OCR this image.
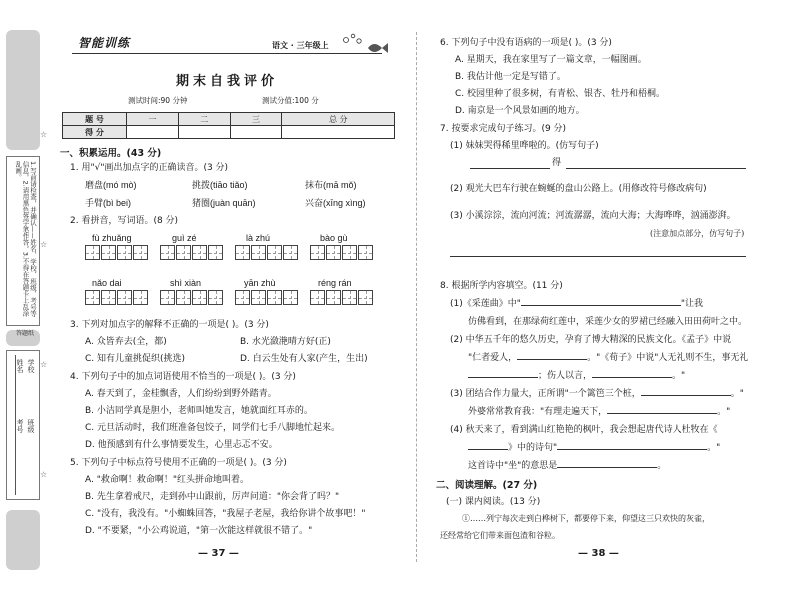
1.写前请检查，并确认——姓名、学校、班级、考号等信息。2.请用黑色签字笔作答。3.不得在答题卡上乱涂乱画。
答题纸
学校
班级
姓名
考号
☆
☆
☆
☆
智能训练	语文 · 三年级上
期末自我评价
测试时间:90 分钟	测试分值:100 分
题 号	一	二	三	总 分
得 分				
一、积累运用。(43 分)
1. 用"√"画出加点字的正确读音。(3 分)
磨盘(mó mò)	挑拨(tiāo tiǎo)	抹布(mā mǒ)
手臂(bì bei)	猪圈(juàn quān)	兴奋(xīng xìng)
2. 看拼音，写词语。(8 分)
fù zhuǎng	guì zé	là zhú	bào gù
nǎo dai	shì xiàn	yān zhù	réng rán
3. 下列对加点字的解释不正确的一项是( )。(3 分)
A. 众皆弃去(全，都)	B. 水光潋滟晴方好(正)
C. 知有儿童挑促织(挑选)	D. 白云生处有人家(产生，生出)
4. 下列句子中的加点词语使用不恰当的一项是( )。(3 分)
A. 春天到了，金桂飘香，人们纷纷到野外踏青。
B. 小洁同学真是胆小，老师叫她发言，她就面红耳赤的。
C. 元旦活动时，我们班准备包饺子，同学们七手八脚地忙起来。
D. 他预感到有什么事情要发生，心里忐忑不安。
5. 下列句子中标点符号使用不正确的一项是( )。(3 分)
A. "救命啊！救命啊！"红头拼命地叫着。
B. 先生拿着戒尺，走到孙中山跟前，厉声问道："你会背了吗？"
C. "没有，我没有。"小蜘蛛回答，"我屋子老屋，我给你讲个故事吧！"
D. "不要紧，"小公鸡说道，"第一次能这样就很不错了。"
— 37 —
6. 下列句子中没有语病的一项是( )。(3 分)
A. 星期天，我在家里写了一篇文章，一幅图画。
B. 我估计他一定是写错了。
C. 校园里种了很多树，有青松、银杏、牡丹和梧桐。
D. 南京是一个风景如画的地方。
7. 按要求完成句子练习。(9 分)
(1) 妹妹哭得稀里哗啦的。(仿写句子)
得
(2) 观光大巴车行驶在蜿蜒的盘山公路上。(用修改符号修改病句)
(3) 小溪淙淙，流向河流；河流潺潺，流向大海；大海哗哗，汹涌澎湃。
(注意加点部分，仿写句子)
8. 根据所学内容填空。(11 分)
(1)《采莲曲》中"	"让我
仿佛看到，在那绿荷红莲中，采莲少女的罗裙已经融入田田荷叶之中。
(2) 中华五千年的悠久历史，孕育了博大精深的民族文化。《孟子》中说
"仁者爱人，	。"《荀子》中说"人无礼则不生，事无礼
；伤人以言，	。"
(3) 团结合作力量大，正所谓"一个篱笆三个桩，	。"
外婆常常教育我："有理走遍天下，	。"
(4) 秋天来了，看到满山红艳艳的枫叶，我会想起唐代诗人杜牧在《
》中的诗句"	。"
这首诗中"坐"的意思是	。
二、阅读理解。(27 分)
(一) 课内阅读。(13 分)
①……列宁每次走到白桦树下，都要停下来，仰望这三只欢快的灰雀，
还经常给它们带来面包渣和谷粒。
— 38 —
